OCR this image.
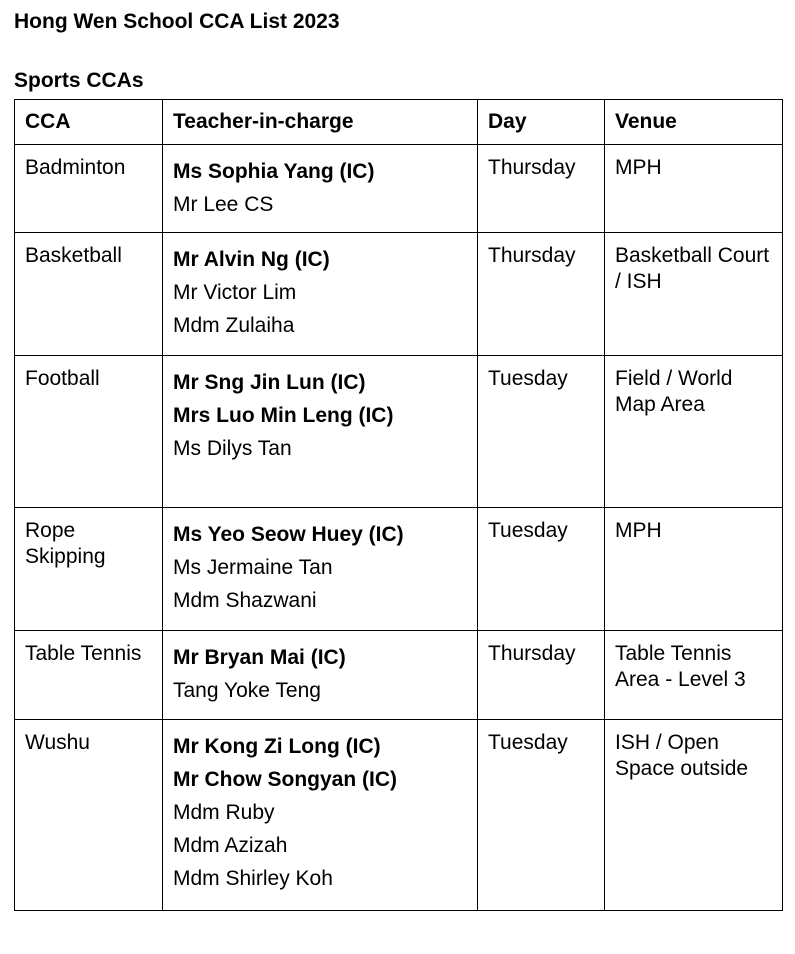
Hong Wen School CCA List 2023
Sports CCAs
CCA	Teacher-in-charge	Day	Venue
Badminton	Ms Sophia Yang (IC)
Mr Lee CS	Thursday	MPH
Basketball	Mr Alvin Ng (IC)
Mr Victor Lim
Mdm Zulaiha	Thursday	Basketball Court / ISH
Football	Mr Sng Jin Lun (IC)
Mrs Luo Min Leng (IC)
Ms Dilys Tan	Tuesday	Field / World Map Area
Rope Skipping	Ms Yeo Seow Huey (IC)
Ms Jermaine Tan
Mdm Shazwani	Tuesday	MPH
Table Tennis	Mr Bryan Mai (IC)
Tang Yoke Teng	Thursday	Table Tennis Area - Level 3
Wushu	Mr Kong Zi Long (IC)
Mr Chow Songyan (IC)
Mdm Ruby
Mdm Azizah
Mdm Shirley Koh	Tuesday	ISH / Open Space outside
